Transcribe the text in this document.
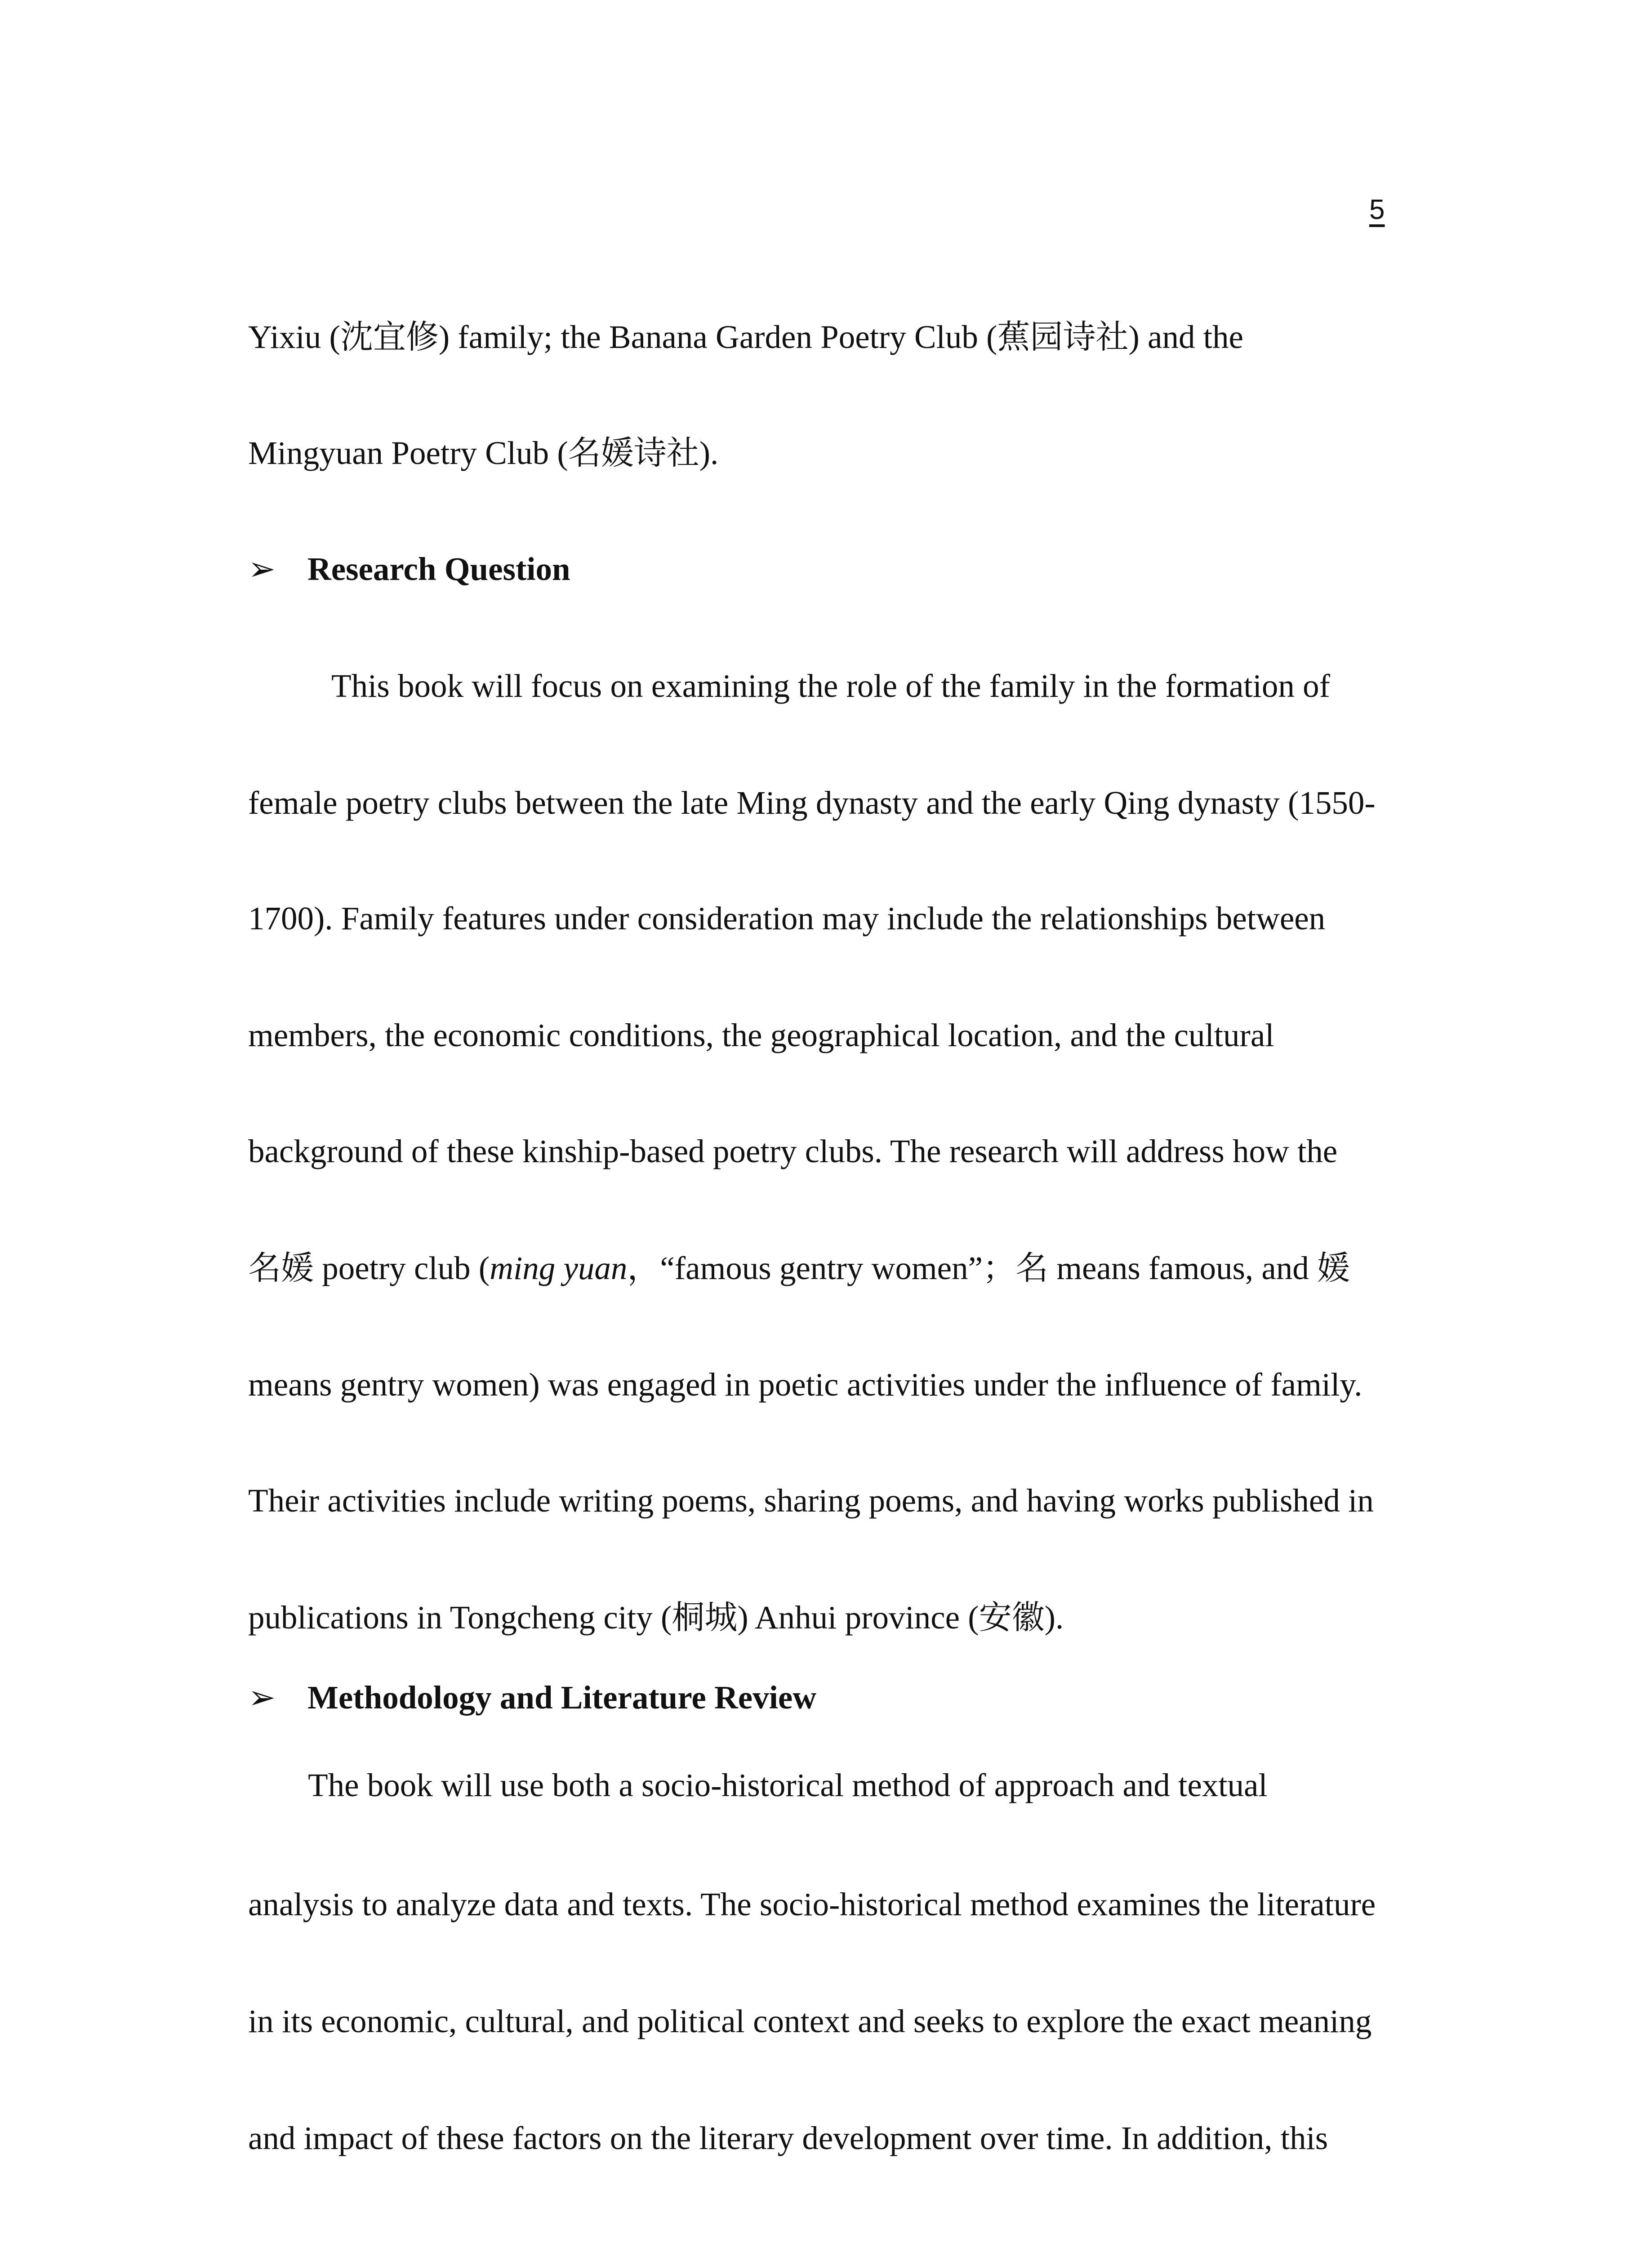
5
Yixiu (沈宜修) family; the Banana Garden Poetry Club (蕉园诗社) and the
Mingyuan Poetry Club (名媛诗社).
➢ Research Question
This book will focus on examining the role of the family in the formation of
female poetry clubs between the late Ming dynasty and the early Qing dynasty (1550-
1700). Family features under consideration may include the relationships between
members, the economic conditions, the geographical location, and the cultural
background of these kinship-based poetry clubs. The research will address how the
名媛 poetry club (ming yuan，“famous gentry women”；名 means famous, and 媛
means gentry women) was engaged in poetic activities under the influence of family.
Their activities include writing poems, sharing poems, and having works published in
publications in Tongcheng city (桐城) Anhui province (安徽).
➢ Methodology and Literature Review
The book will use both a socio-historical method of approach and textual
analysis to analyze data and texts. The socio-historical method examines the literature
in its economic, cultural, and political context and seeks to explore the exact meaning
and impact of these factors on the literary development over time. In addition, this
